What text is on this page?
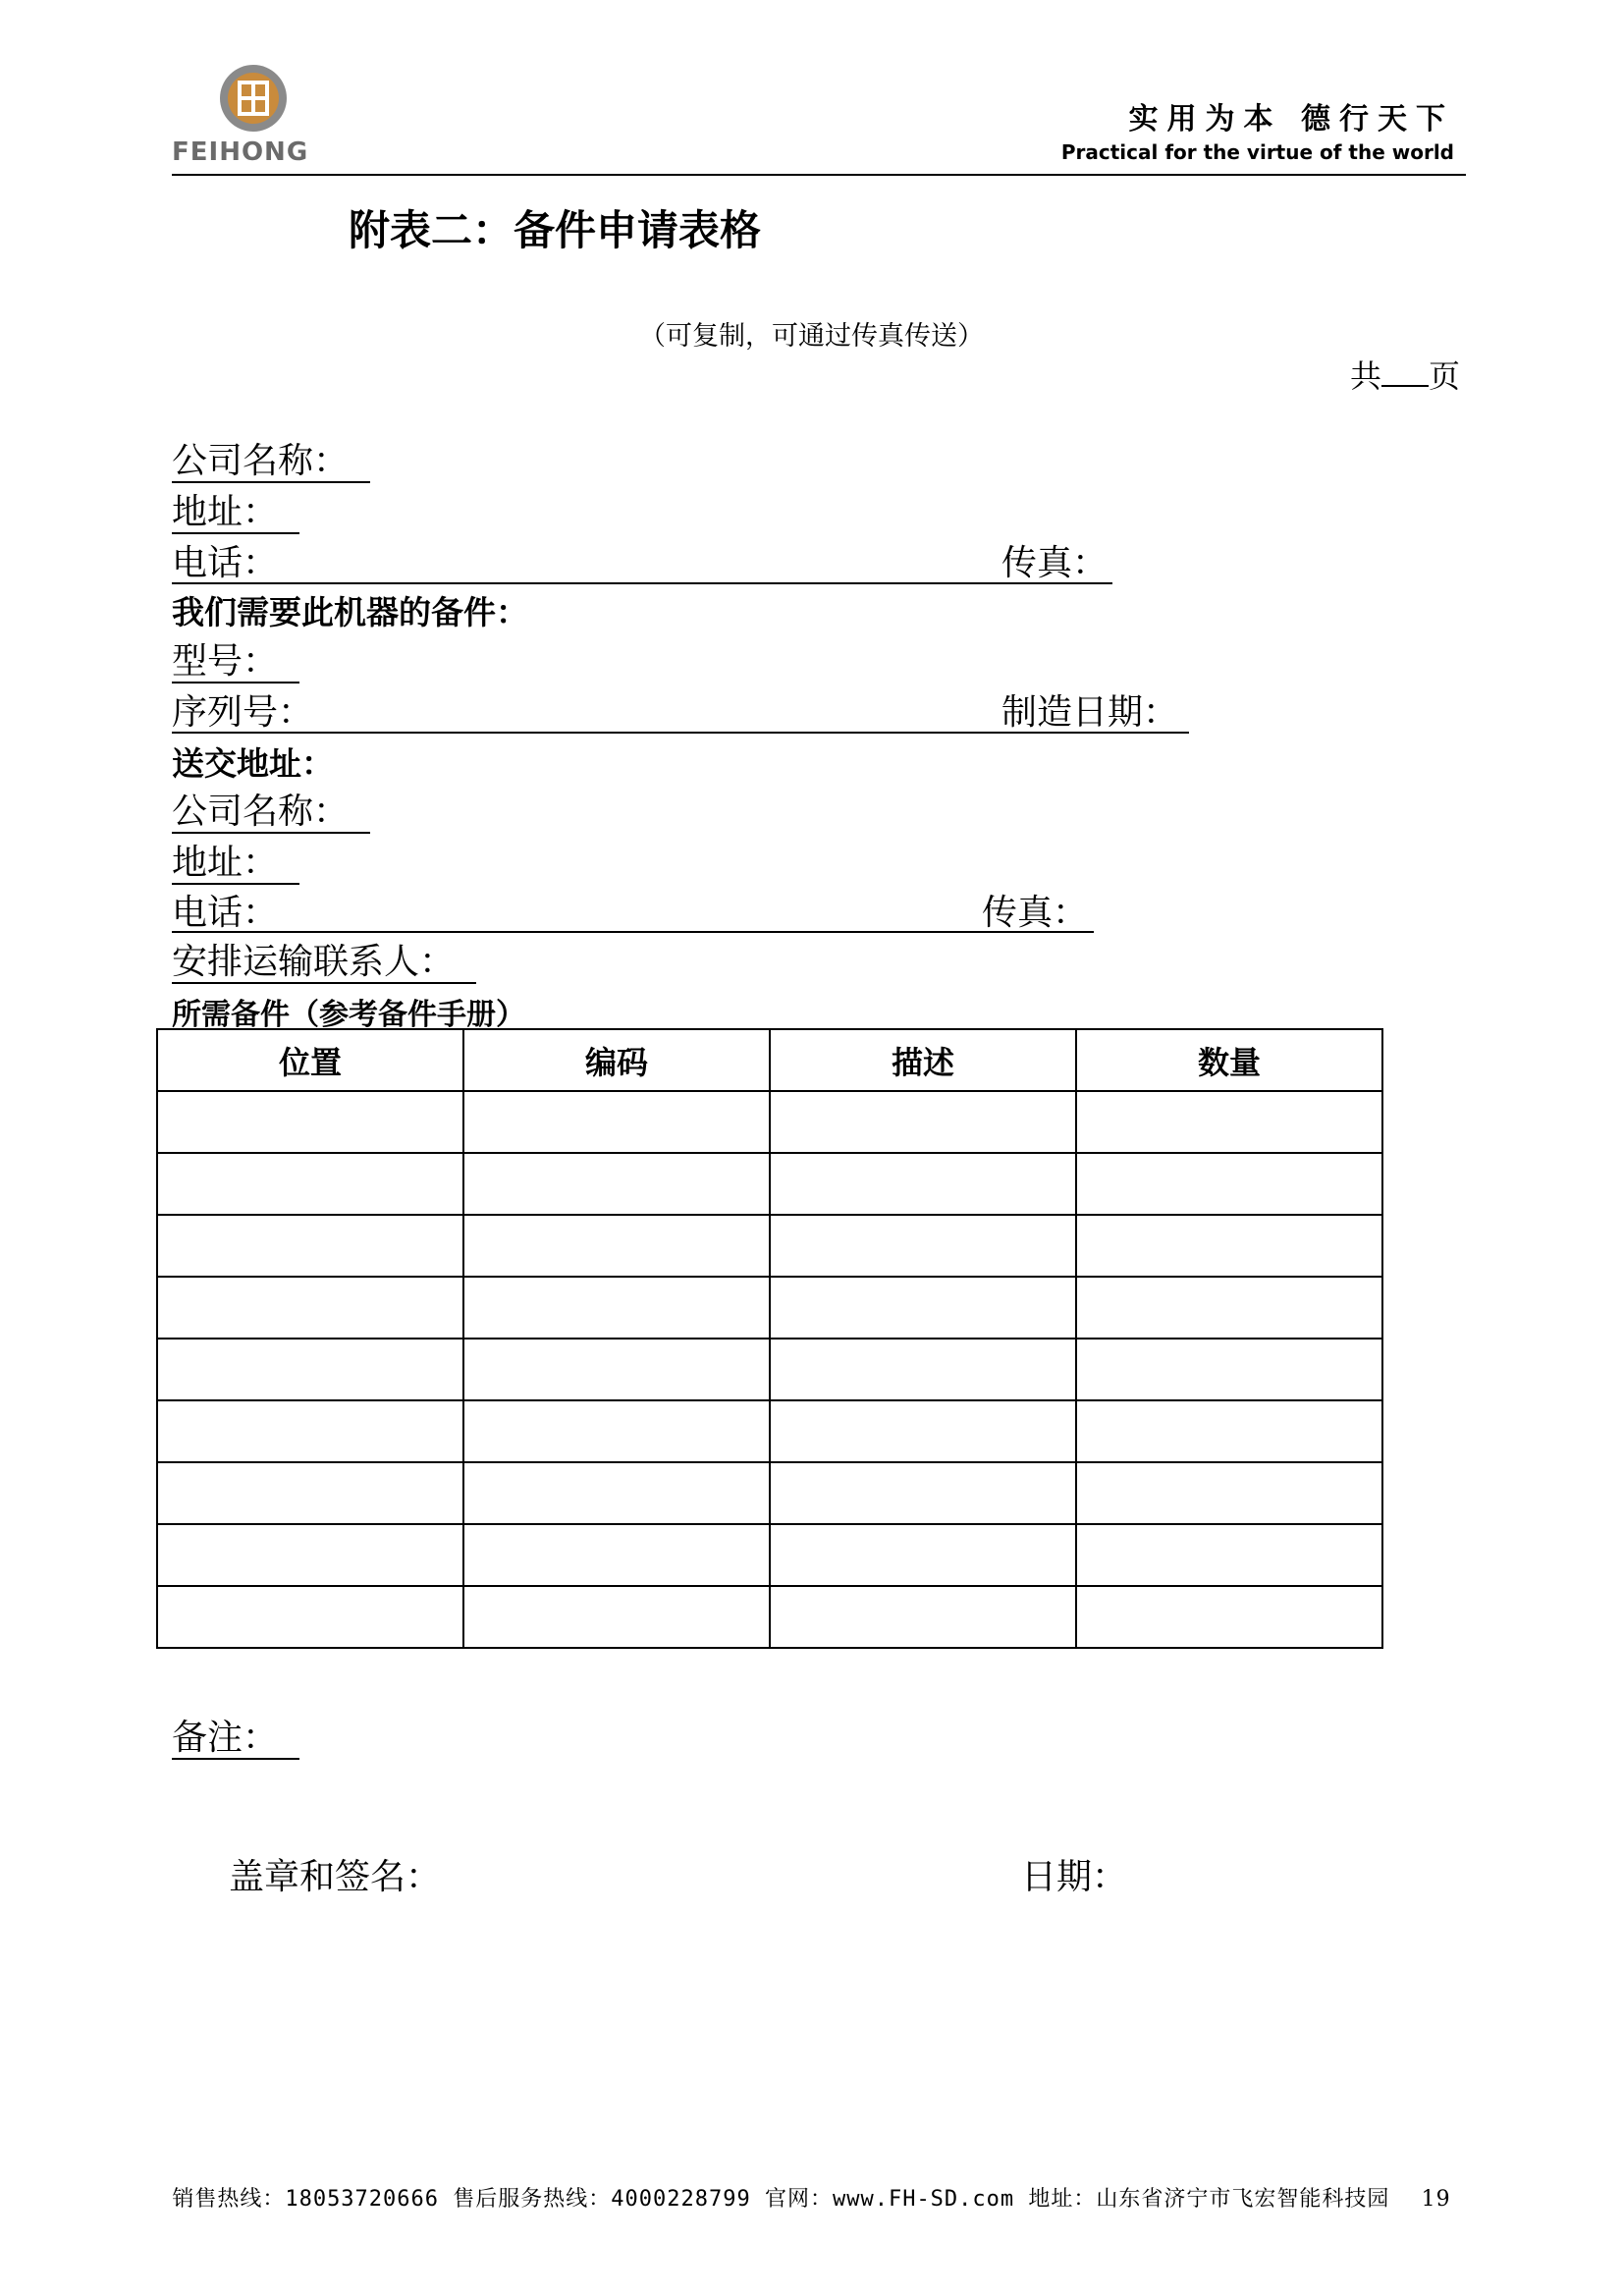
FEIHONG
实用为本 德行天下
Practical for the virtue of the world
附表二：备件申请表格
（可复制，可通过传真传送）
共 页
公司名称：
地址：
电话：	传真：
我们需要此机器的备件：
型号：
序列号：	制造日期：
送交地址：
公司名称：
地址：
电话：	传真：
安排运输联系人：
所需备件（参考备件手册）
位置	编码	描述	数量

备注：
盖章和签名：	日期：
销售热线：18053720666 售后服务热线：4000228799 官网：www.FH-SD.com 地址：山东省济宁市飞宏智能科技园 19
